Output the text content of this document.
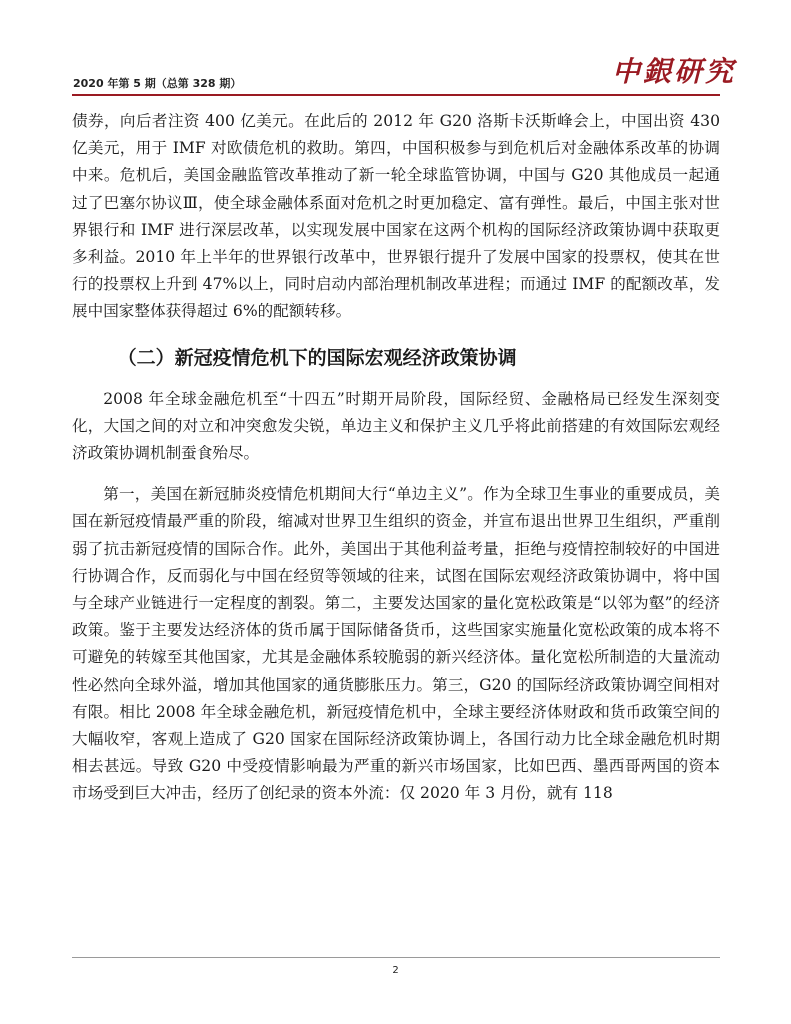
2020 年第 5 期（总第 328 期）	中銀研究

债券，向后者注资 400 亿美元。在此后的 2012 年 G20 洛斯卡沃斯峰会上，中国出资 430 亿美元，用于 IMF 对欧债危机的救助。第四，中国积极参与到危机后对金融体系改革的协调中来。危机后，美国金融监管改革推动了新一轮全球监管协调，中国与 G20 其他成员一起通过了巴塞尔协议Ⅲ，使全球金融体系面对危机之时更加稳定、富有弹性。最后，中国主张对世界银行和 IMF 进行深层改革，以实现发展中国家在这两个机构的国际经济政策协调中获取更多利益。2010 年上半年的世界银行改革中，世界银行提升了发展中国家的投票权，使其在世行的投票权上升到 47%以上，同时启动内部治理机制改革进程；而通过 IMF 的配额改革，发展中国家整体获得超过 6%的配额转移。

（二）新冠疫情危机下的国际宏观经济政策协调

2008 年全球金融危机至“十四五”时期开局阶段，国际经贸、金融格局已经发生深刻变化，大国之间的对立和冲突愈发尖锐，单边主义和保护主义几乎将此前搭建的有效国际宏观经济政策协调机制蚕食殆尽。

第一，美国在新冠肺炎疫情危机期间大行“单边主义”。作为全球卫生事业的重要成员，美国在新冠疫情最严重的阶段，缩减对世界卫生组织的资金，并宣布退出世界卫生组织，严重削弱了抗击新冠疫情的国际合作。此外，美国出于其他利益考量，拒绝与疫情控制较好的中国进行协调合作，反而弱化与中国在经贸等领域的往来，试图在国际宏观经济政策协调中，将中国与全球产业链进行一定程度的割裂。第二，主要发达国家的量化宽松政策是“以邻为壑”的经济政策。鉴于主要发达经济体的货币属于国际储备货币，这些国家实施量化宽松政策的成本将不可避免的转嫁至其他国家，尤其是金融体系较脆弱的新兴经济体。量化宽松所制造的大量流动性必然向全球外溢，增加其他国家的通货膨胀压力。第三，G20 的国际经济政策协调空间相对有限。相比 2008 年全球金融危机，新冠疫情危机中，全球主要经济体财政和货币政策空间的大幅收窄，客观上造成了 G20 国家在国际经济政策协调上，各国行动力比全球金融危机时期相去甚远。导致 G20 中受疫情影响最为严重的新兴市场国家，比如巴西、墨西哥两国的资本市场受到巨大冲击，经历了创纪录的资本外流：仅 2020 年 3 月份，就有 118

2
